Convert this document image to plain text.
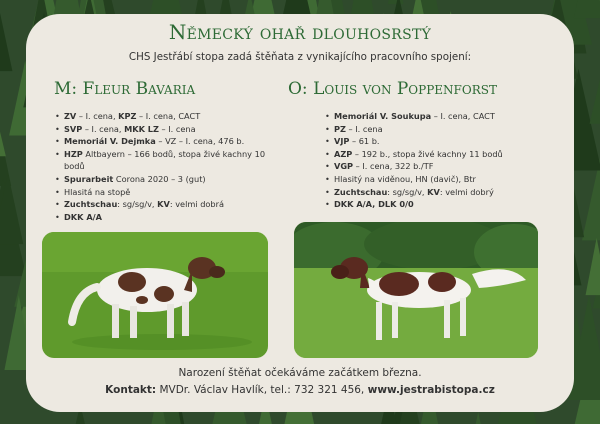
Německý ohař dlouhosrstý
CHS Jestřábí stopa zadá štěňata z vynikajícího pracovního spojení:
M: Fleur Bavaria	O: Louis von Poppenforst
• ZV – I. cena, KPZ – I. cena, CACT
• SVP – I. cena, MKK LZ – I. cena
• Memoriál V. Dejmka – VZ – I. cena, 476 b.
• HZP Altbayern – 166 bodů, stopa živé kachny 10 bodů
• Spurarbeit Corona 2020 – 3 (gut)
• Hlasitá na stopě
• Zuchtschau: sg/sg/v, KV: velmi dobrá
• DKK A/A
• Memoriál V. Soukupa – I. cena, CACT
• PZ – I. cena
• VJP – 61 b.
• AZP – 192 b., stopa živé kachny 11 bodů
• VGP – I. cena, 322 b./TF
• Hlasitý na viděnou, HN (davič), Btr
• Zuchtschau: sg/sg/v, KV: velmi dobrý
• DKK A/A, DLK 0/0
Narození štěňat očekáváme začátkem března.
Kontakt: MVDr. Václav Havlík, tel.: 732 321 456, www.jestrabistopa.cz
